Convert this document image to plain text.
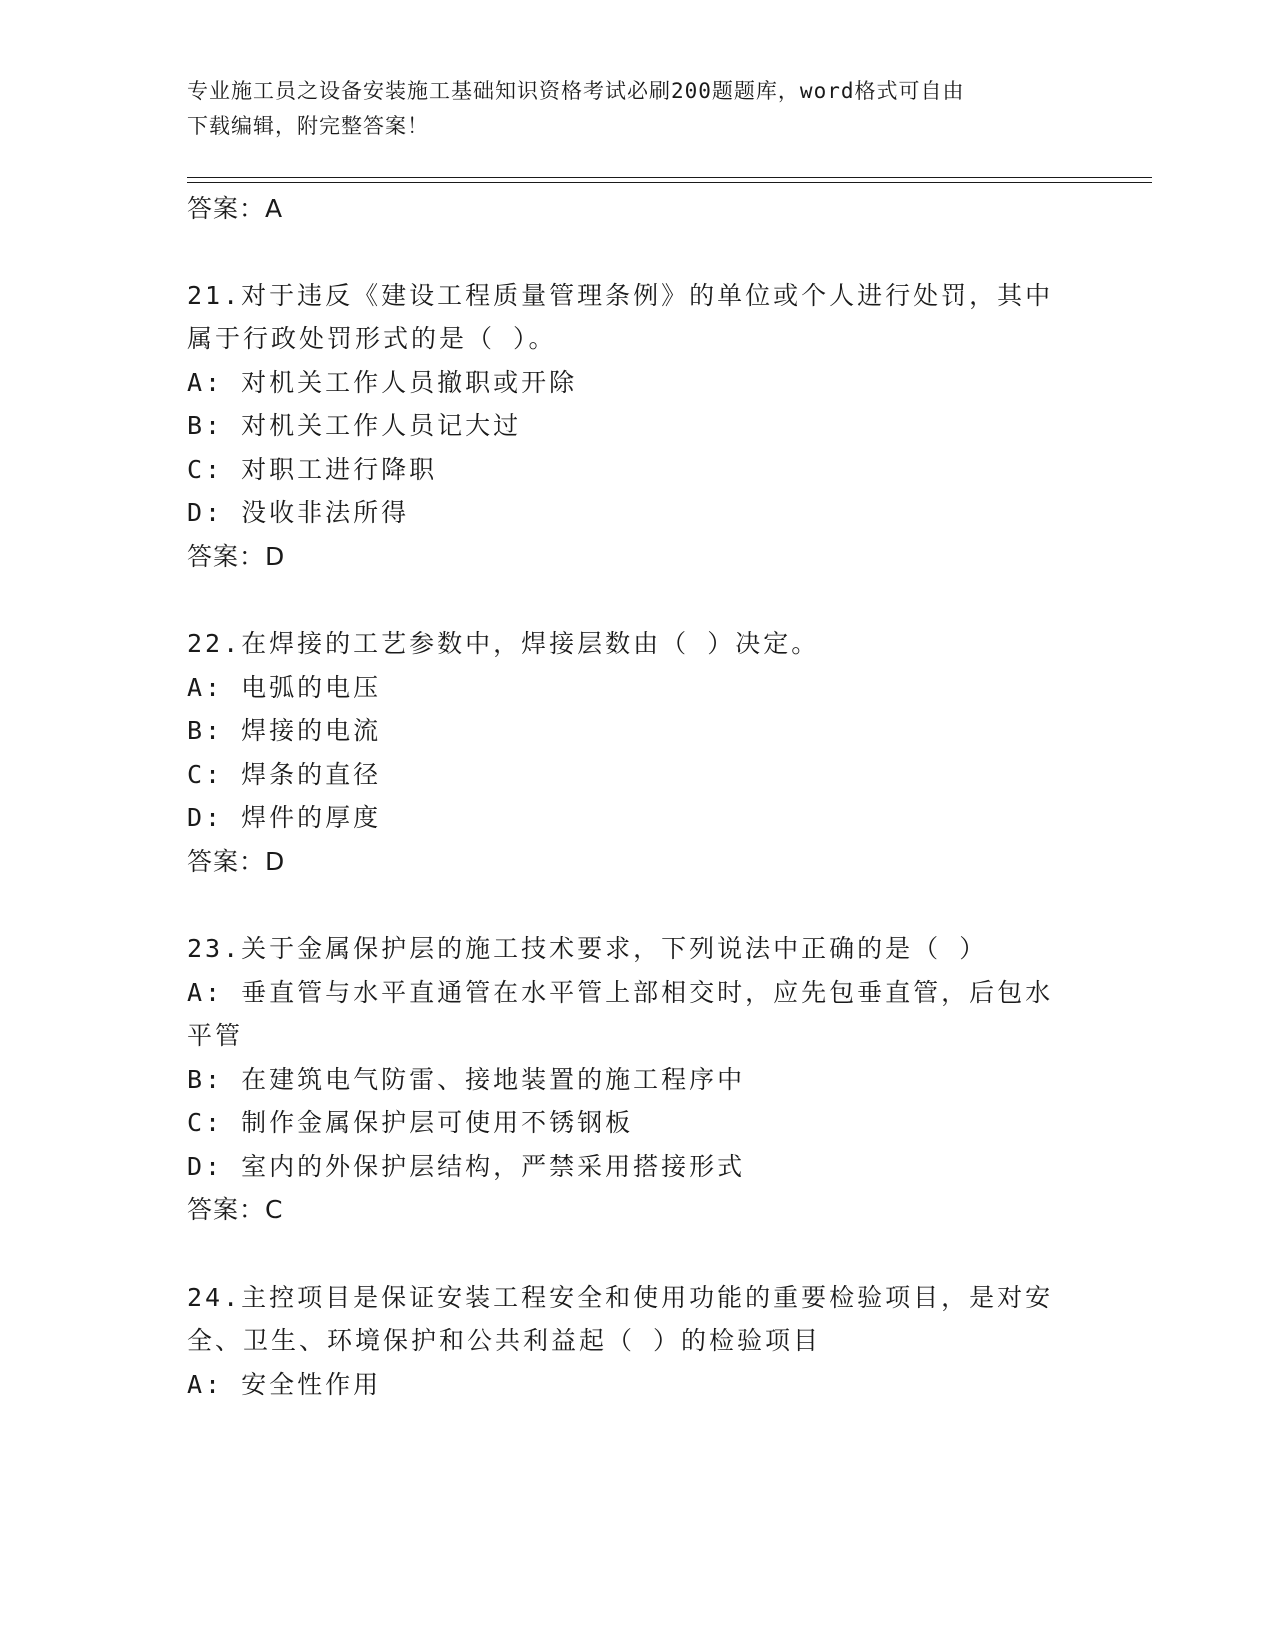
专业施工员之设备安装施工基础知识资格考试必刷200题题库，word格式可自由
下载编辑，附完整答案！
答案：A
21.对于违反《建设工程质量管理条例》的单位或个人进行处罚，其中
属于行政处罚形式的是（ ）。
A: 对机关工作人员撤职或开除
B: 对机关工作人员记大过
C: 对职工进行降职
D: 没收非法所得
答案：D
22.在焊接的工艺参数中，焊接层数由（ ）决定。
A: 电弧的电压
B: 焊接的电流
C: 焊条的直径
D: 焊件的厚度
答案：D
23.关于金属保护层的施工技术要求，下列说法中正确的是（ ）
A: 垂直管与水平直通管在水平管上部相交时，应先包垂直管，后包水
平管
B: 在建筑电气防雷、接地装置的施工程序中
C: 制作金属保护层可使用不锈钢板
D: 室内的外保护层结构，严禁采用搭接形式
答案：C
24.主控项目是保证安装工程安全和使用功能的重要检验项目，是对安
全、卫生、环境保护和公共利益起（ ）的检验项目
A: 安全性作用
